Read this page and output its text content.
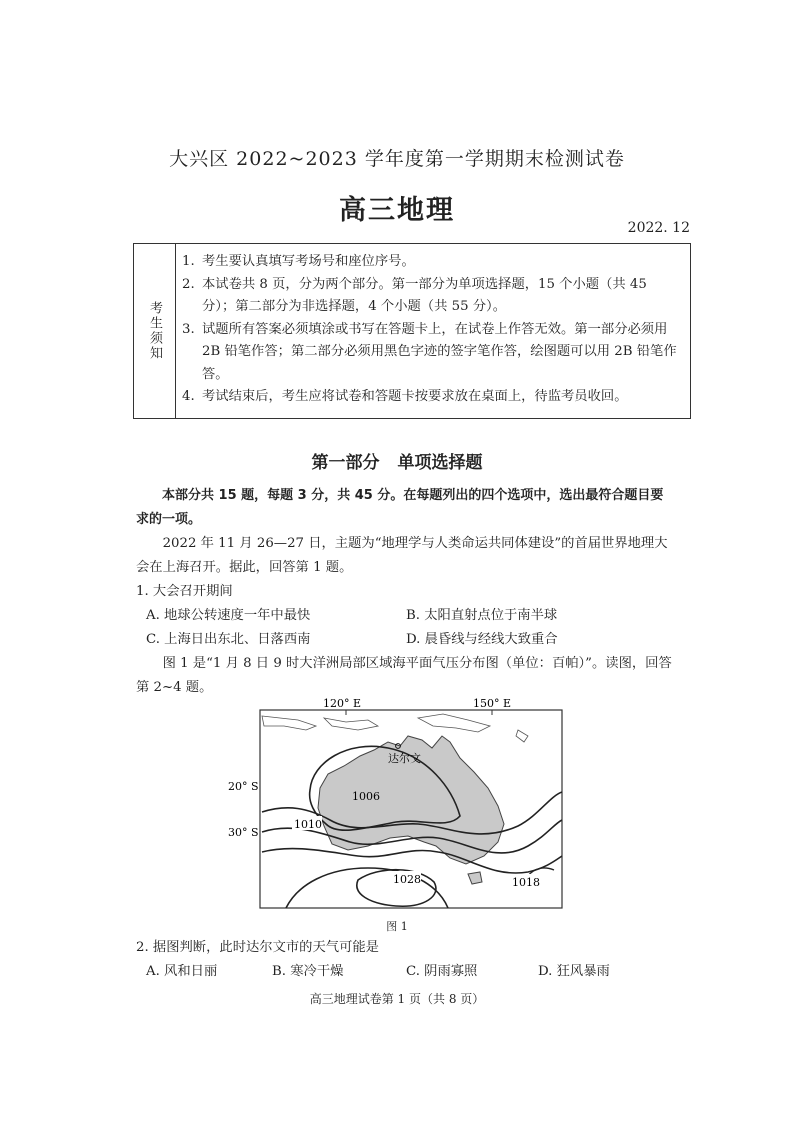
大兴区 2022~2023 学年度第一学期期末检测试卷
高三地理
2022. 12
考生须知
1. 考生要认真填写考场号和座位序号。
2. 本试卷共 8 页，分为两个部分。第一部分为单项选择题，15 个小题（共 45 分）；第二部分为非选择题，4 个小题（共 55 分）。
3. 试题所有答案必须填涂或书写在答题卡上，在试卷上作答无效。第一部分必须用 2B 铅笔作答；第二部分必须用黑色字迹的签字笔作答，绘图题可以用 2B 铅笔作答。
4. 考试结束后，考生应将试卷和答题卡按要求放在桌面上，待监考员收回。
第一部分 单项选择题
本部分共 15 题，每题 3 分，共 45 分。在每题列出的四个选项中，选出最符合题目要求的一项。
2022 年 11 月 26—27 日，主题为“地理学与人类命运共同体建设”的首届世界地理大会在上海召开。据此，回答第 1 题。
1. 大会召开期间
A. 地球公转速度一年中最快	B. 太阳直射点位于南半球
C. 上海日出东北、日落西南	D. 晨昏线与经线大致重合
图 1 是“1 月 8 日 9 时大洋洲局部区域海平面气压分布图（单位：百帕）”。读图，回答第 2~4 题。
120° E	150° E
20° S
30° S
达尔文
1006
1010
1028	1018
图 1
2. 据图判断，此时达尔文市的天气可能是
A. 风和日丽	B. 寒冷干燥	C. 阴雨寡照	D. 狂风暴雨
高三地理试卷第 1 页（共 8 页）
